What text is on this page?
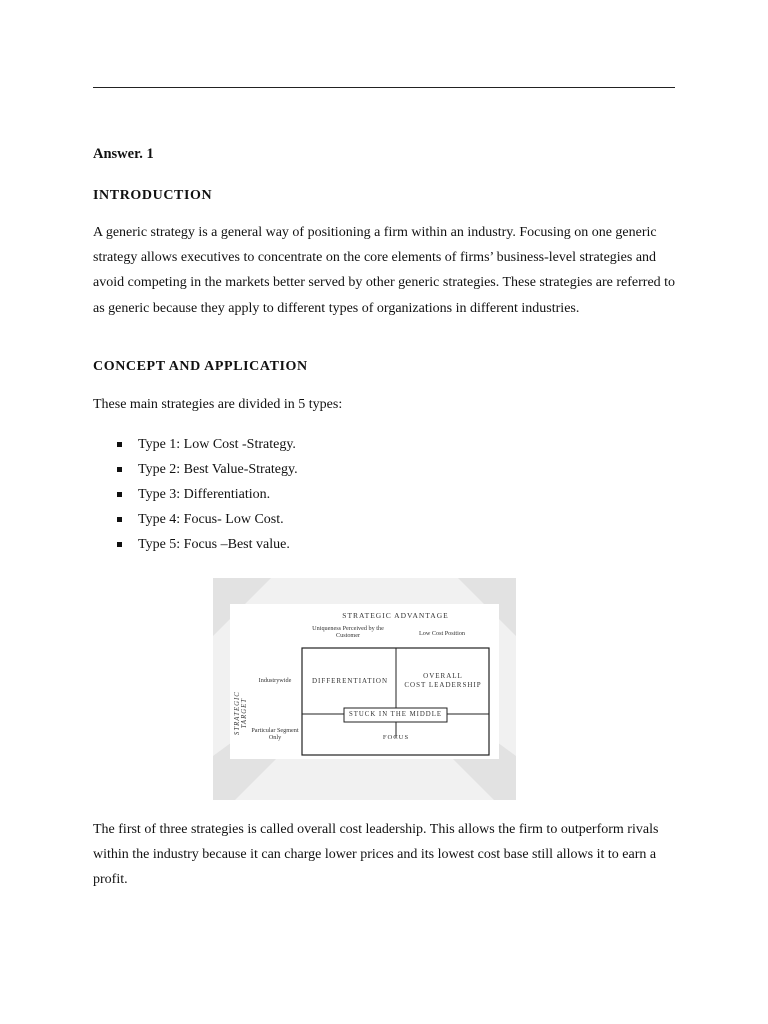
Answer. 1
INTRODUCTION
A generic strategy is a general way of positioning a firm within an industry. Focusing on one generic strategy allows executives to concentrate on the core elements of firms’ business-level strategies and avoid competing in the markets better served by other generic strategies. These strategies are referred to as generic because they apply to different types of organizations in different industries.
CONCEPT AND APPLICATION
These main strategies are divided in 5 types:
Type 1: Low Cost -Strategy.
Type 2: Best Value-Strategy.
Type 3: Differentiation.
Type 4: Focus- Low Cost.
Type 5: Focus –Best value.
STRATEGIC ADVANTAGE
Uniqueness Perceived by the Customer	Low Cost Position
Industrywide
Particular Segment Only
STRATEGIC TARGET
DIFFERENTIATION
OVERALL
COST LEADERSHIP
STUCK IN THE MIDDLE
FOCUS
The first of three strategies is called overall cost leadership. This allows the firm to outperform rivals within the industry because it can charge lower prices and its lowest cost base still allows it to earn a profit.
